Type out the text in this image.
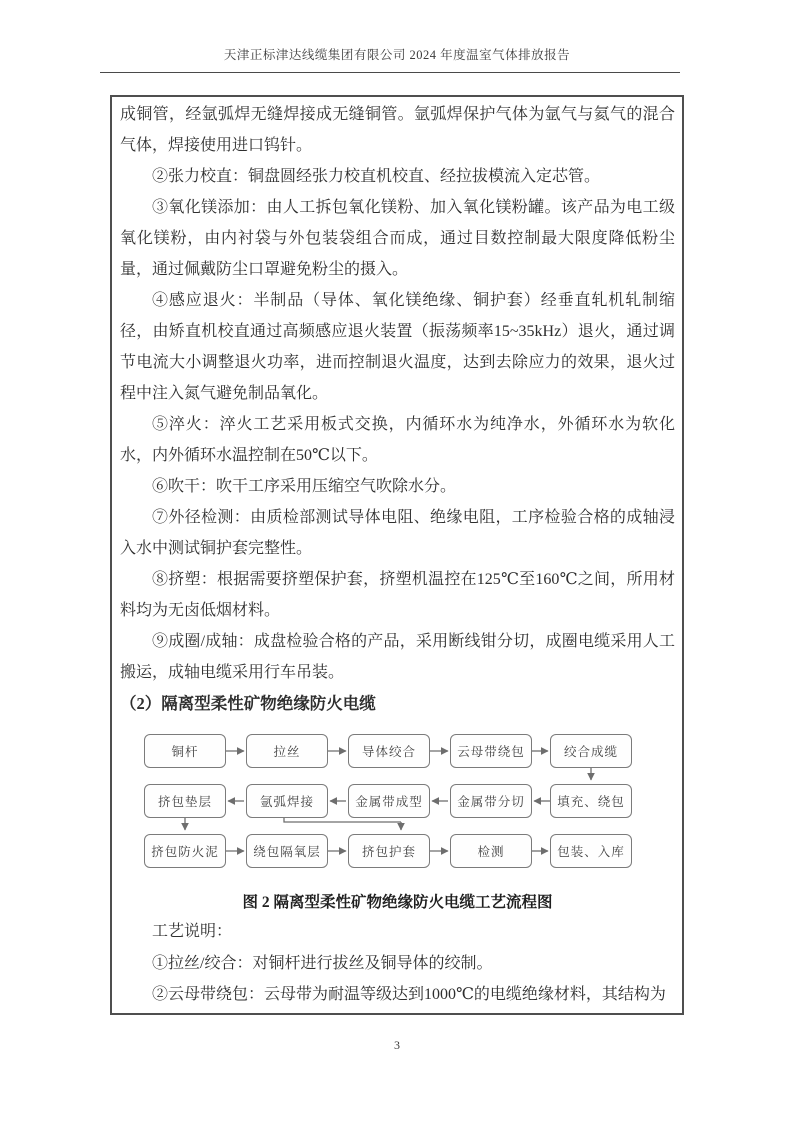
天津正标津达线缆集团有限公司 2024 年度温室气体排放报告

成铜管，经氩弧焊无缝焊接成无缝铜管。氩弧焊保护气体为氩气与氦气的混合气体，焊接使用进口钨针。

②张力校直：铜盘圆经张力校直机校直、经拉拔模流入定芯管。

③氧化镁添加：由人工拆包氧化镁粉、加入氧化镁粉罐。该产品为电工级氧化镁粉，由内衬袋与外包装袋组合而成，通过目数控制最大限度降低粉尘量，通过佩戴防尘口罩避免粉尘的摄入。

④感应退火：半制品（导体、氧化镁绝缘、铜护套）经垂直轧机轧制缩径，由矫直机校直通过高频感应退火装置（振荡频率15~35kHz）退火，通过调节电流大小调整退火功率，进而控制退火温度，达到去除应力的效果，退火过程中注入氮气避免制品氧化。

⑤淬火：淬火工艺采用板式交换，内循环水为纯净水，外循环水为软化水，内外循环水温控制在50℃以下。

⑥吹干：吹干工序采用压缩空气吹除水分。

⑦外径检测：由质检部测试导体电阻、绝缘电阻，工序检验合格的成轴浸入水中测试铜护套完整性。

⑧挤塑：根据需要挤塑保护套，挤塑机温控在125℃至160℃之间，所用材料均为无卤低烟材料。

⑨成圈/成轴：成盘检验合格的产品，采用断线钳分切，成圈电缆采用人工搬运，成轴电缆采用行车吊装。

（2）隔离型柔性矿物绝缘防火电缆

铜杆	拉丝	导体绞合	云母带绕包	绞合成缆
挤包垫层	氩弧焊接	金属带成型	金属带分切	填充、绕包
挤包防火泥	绕包隔氧层	挤包护套	检测	包装、入库
图 2 隔离型柔性矿物绝缘防火电缆工艺流程图

工艺说明：

①拉丝/绞合：对铜杆进行拔丝及铜导体的绞制。

②云母带绕包：云母带为耐温等级达到1000℃的电缆绝缘材料，其结构为

3
